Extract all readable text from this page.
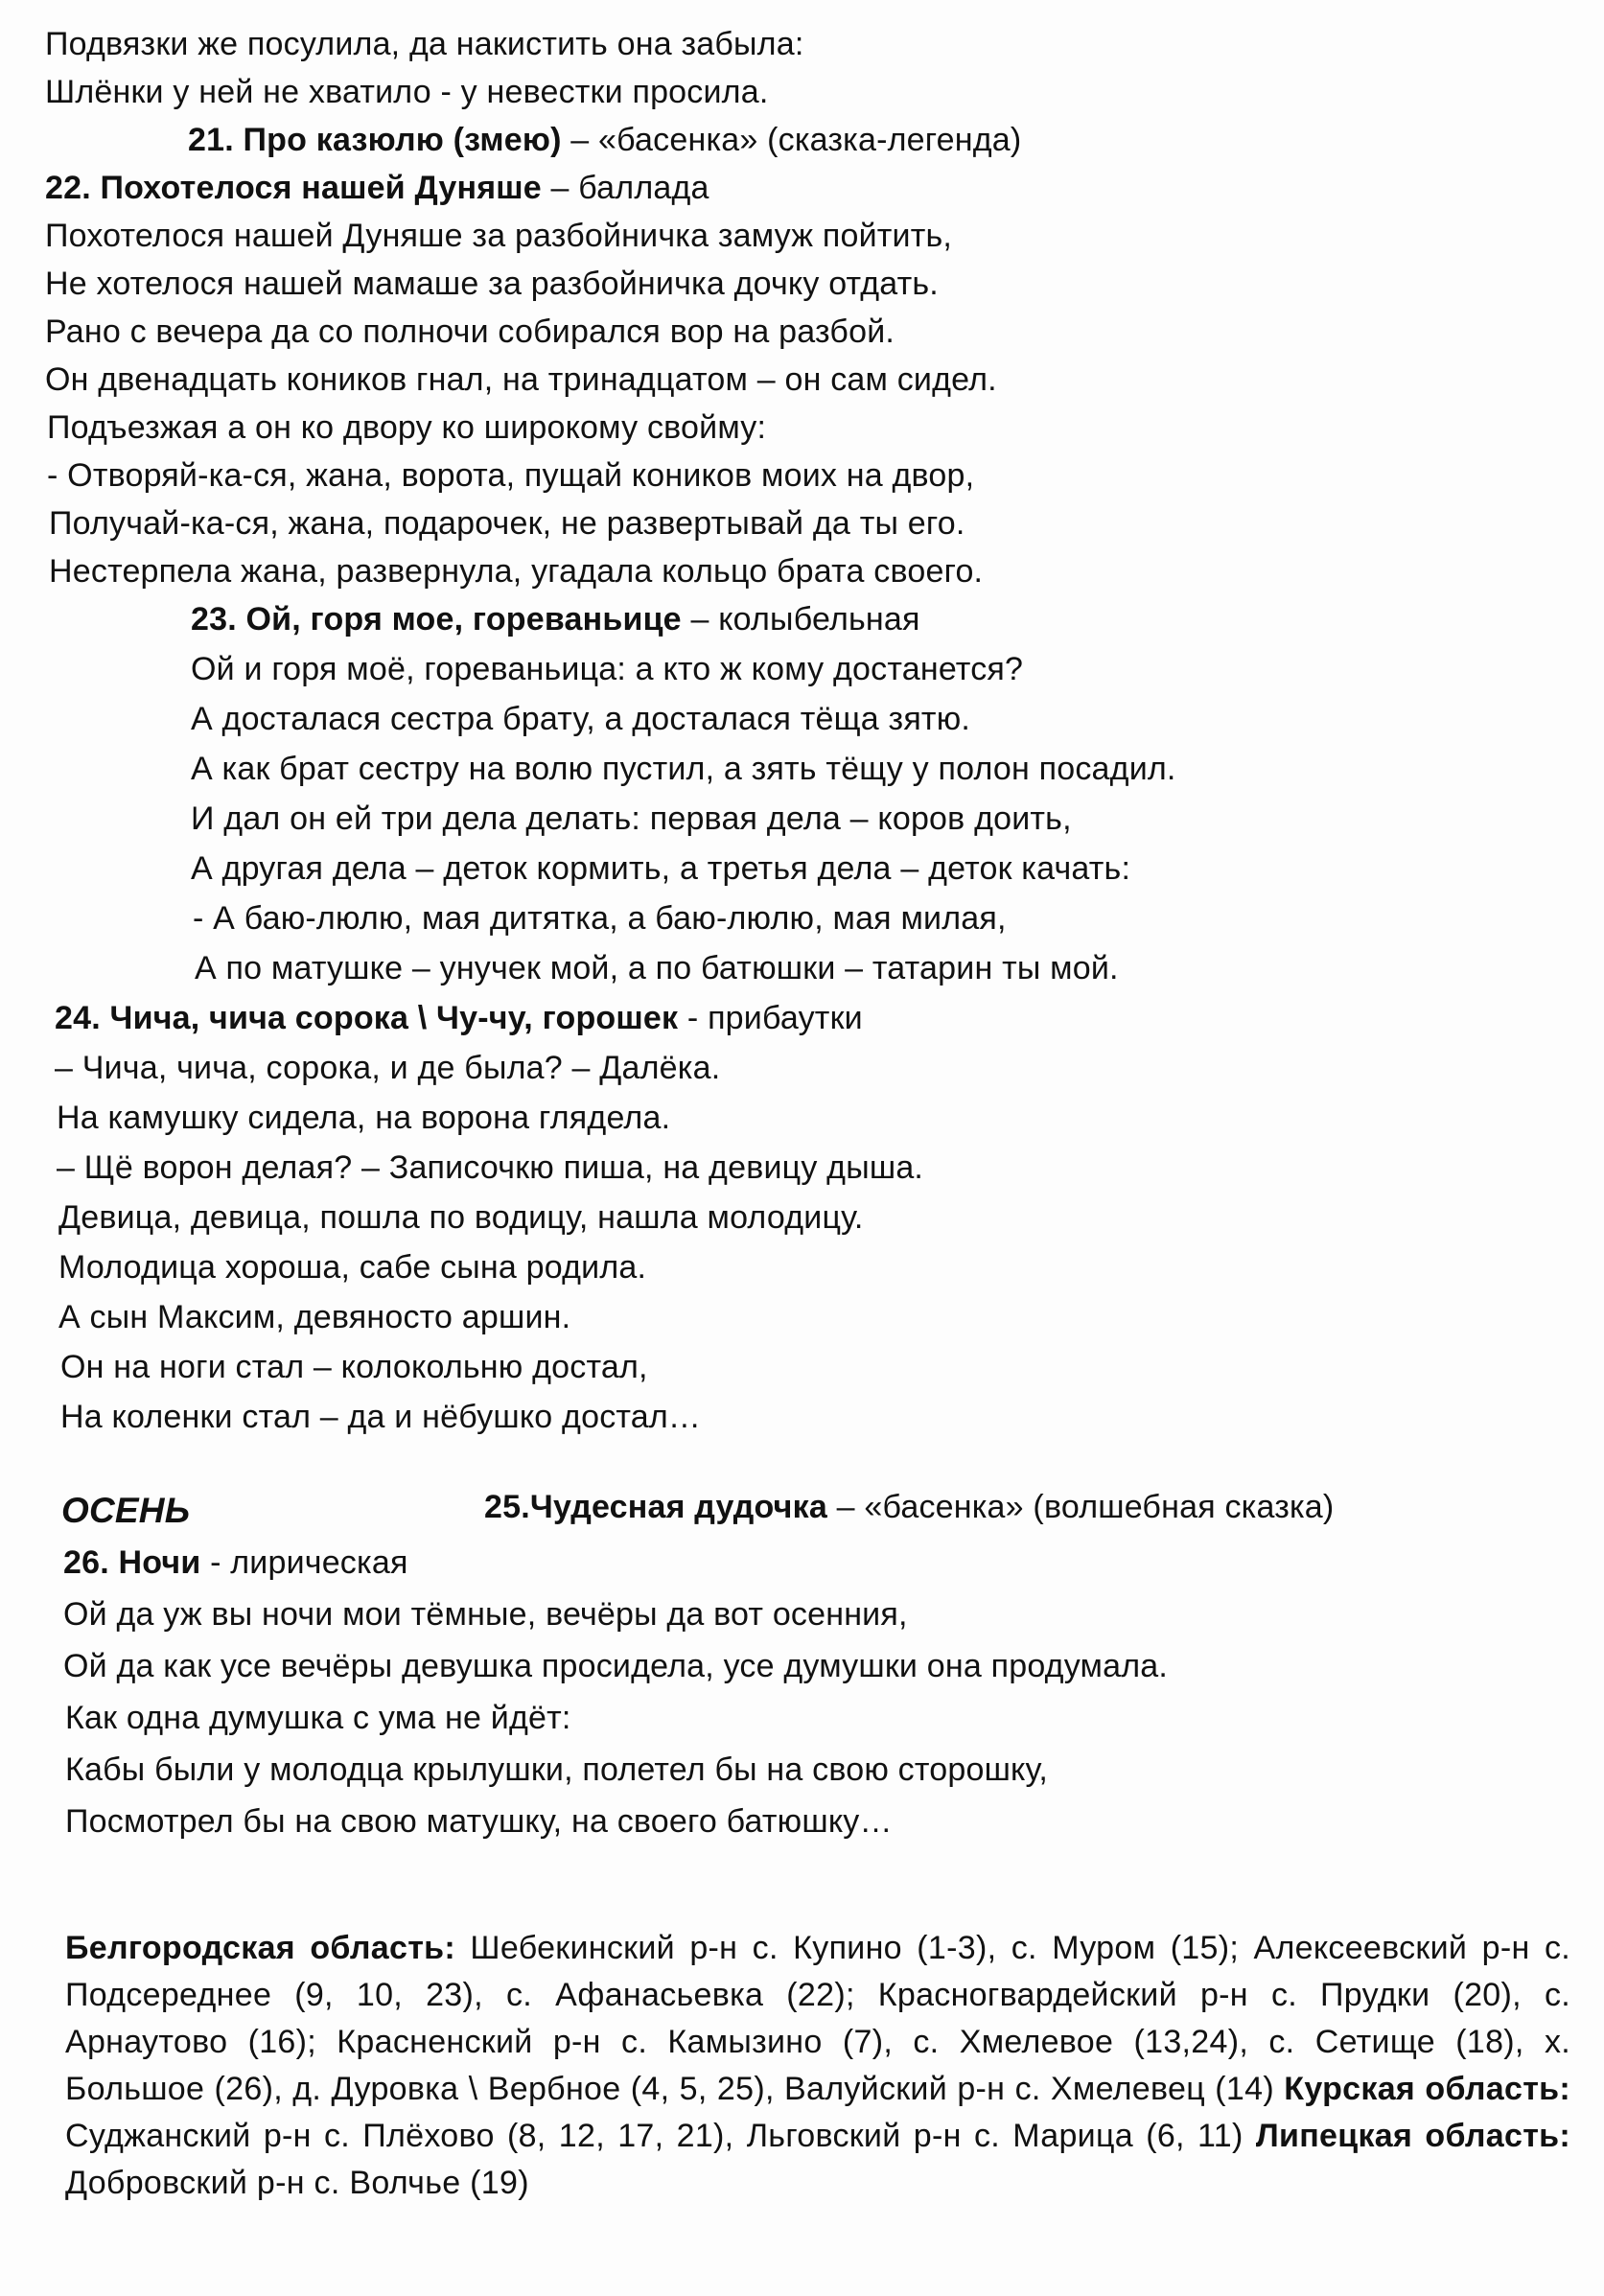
Подвязки же посулила, да накистить она забыла:
Шлёнки у ней не хватило - у невестки просила.
21. Про казюлю (змею) – «басенка» (сказка-легенда)
22. Похотелося нашей Дуняше – баллада
Похотелося нашей Дуняше за разбойничка замуж пойтить,
Не хотелося нашей мамаше за разбойничка дочку отдать.
Рано с вечера да со полночи собирался вор на разбой.
Он двенадцать коников гнал, на тринадцатом – он сам сидел.
Подъезжая а он ко двору ко широкому свойму:
- Отворяй-ка-ся, жана, ворота, пущай коников моих на двор,
Получай-ка-ся, жана, подарочек, не развертывай да ты его.
Нестерпела жана, развернула, угадала кольцо брата своего.
23. Ой, горя мое, гореваньице – колыбельная
Ой и горя моё, гореваньица: а кто ж кому достанется?
А досталася сестра брату, а досталася тёща зятю.
А как брат сестру на волю пустил, а зять тёщу у полон посадил.
И дал он ей три дела делать: первая дела – коров доить,
А другая дела – деток кормить, а третья дела – деток качать:
- А баю-люлю, мая дитятка, а баю-люлю, мая милая,
А по матушке – унучек мой, а по батюшки – татарин ты мой.
24. Чича, чича сорока \ Чу-чу, горошек - прибаутки
– Чича, чича, сорока, и де была? – Далёка.
На камушку сидела, на ворона глядела.
– Щё ворон делая? – Записочкю пиша, на девицу дыша.
Девица, девица, пошла по водицу, нашла молодицу.
Молодица хороша, сабе сына родила.
А сын Максим, девяносто аршин.
Он на ноги стал – колокольню достал,
На коленки стал – да и нёбушко достал…
ОСЕНЬ	25.Чудесная дудочка – «басенка» (волшебная сказка)
26. Ночи - лирическая
Ой да уж вы ночи мои тёмные, вечёры да вот осенния,
Ой да как усе вечёры девушка просидела, усе думушки она продумала.
Как одна думушка с ума не йдёт:
Кабы были у молодца крылушки, полетел бы на свою сторошку,
Посмотрел бы на свою матушку, на своего батюшку…
Белгородская область: Шебекинский р-н с. Купино (1-3), с. Муром (15); Алексеевский р-н с. Подсереднее (9, 10, 23), с. Афанасьевка (22); Красногвардейский р-н с. Прудки (20), с. Арнаутово (16); Красненский р-н с. Камызино (7), с. Хмелевое (13,24), с. Сетище (18), х. Большое (26), д. Дуровка \ Вербное (4, 5, 25), Валуйский р-н с. Хмелевец (14) Курская область: Суджанский р-н с. Плёхово (8, 12, 17, 21), Льговский р-н с. Марица (6, 11) Липецкая область: Добровский р-н с. Волчье (19)
